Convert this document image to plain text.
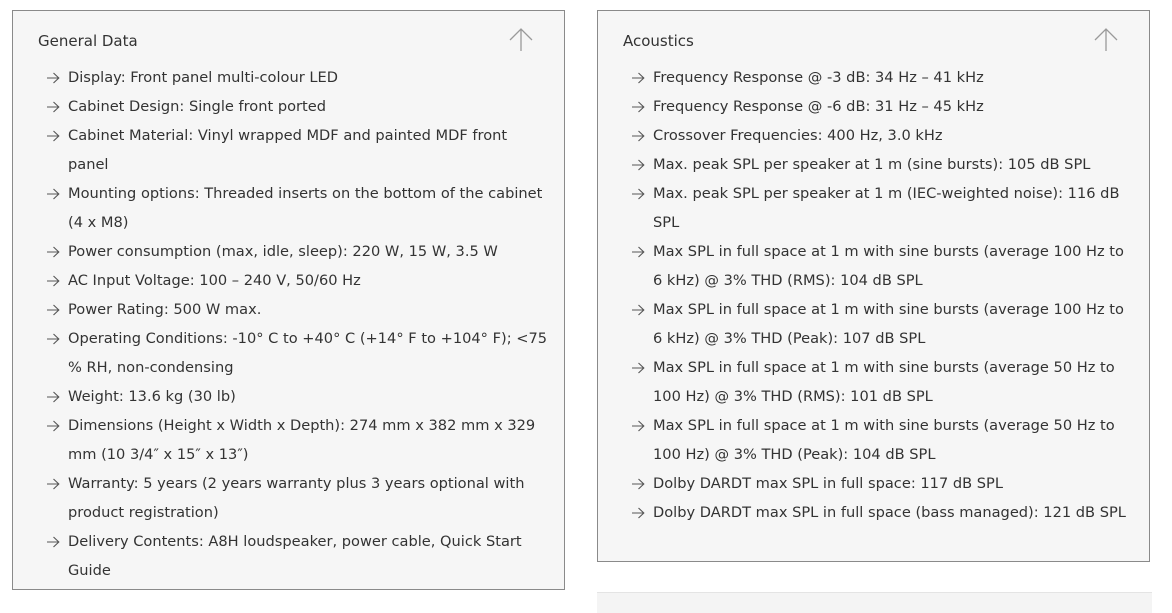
General Data
Display: Front panel multi-colour LED
Cabinet Design: Single front ported
Cabinet Material: Vinyl wrapped MDF and painted MDF front panel
Mounting options: Threaded inserts on the bottom of the cabinet (4 x M8)
Power consumption (max, idle, sleep): 220 W, 15 W, 3.5 W
AC Input Voltage: 100 – 240 V, 50/60 Hz
Power Rating: 500 W max.
Operating Conditions: -10° C to +40° C (+14° F to +104° F); <75 % RH, non-condensing
Weight: 13.6 kg (30 lb)
Dimensions (Height x Width x Depth): 274 mm x 382 mm x 329 mm (10 3/4″ x 15″ x 13″)
Warranty: 5 years (2 years warranty plus 3 years optional with product registration)
Delivery Contents: A8H loudspeaker, power cable, Quick Start Guide
Acoustics
Frequency Response @ -3 dB: 34 Hz – 41 kHz
Frequency Response @ -6 dB: 31 Hz – 45 kHz
Crossover Frequencies: 400 Hz, 3.0 kHz
Max. peak SPL per speaker at 1 m (sine bursts): 105 dB SPL
Max. peak SPL per speaker at 1 m (IEC-weighted noise): 116 dB SPL
Max SPL in full space at 1 m with sine bursts (average 100 Hz to 6 kHz) @ 3% THD (RMS): 104 dB SPL
Max SPL in full space at 1 m with sine bursts (average 100 Hz to 6 kHz) @ 3% THD (Peak): 107 dB SPL
Max SPL in full space at 1 m with sine bursts (average 50 Hz to 100 Hz) @ 3% THD (RMS): 101 dB SPL
Max SPL in full space at 1 m with sine bursts (average 50 Hz to 100 Hz) @ 3% THD (Peak): 104 dB SPL
Dolby DARDT max SPL in full space: 117 dB SPL
Dolby DARDT max SPL in full space (bass managed): 121 dB SPL
